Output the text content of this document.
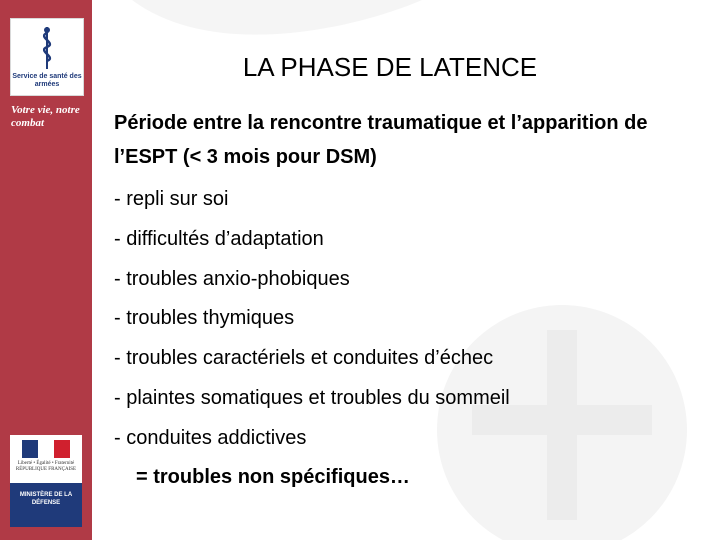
Service de santé des armées
Votre vie, notre combat
Liberté • Égalité • Fraternité RÉPUBLIQUE FRANÇAISE
MINISTÈRE DE LA DÉFENSE
LA PHASE DE LATENCE

Période entre la rencontre traumatique et l’apparition de l’ESPT (< 3 mois pour DSM)

- repli sur soi

- difficultés d’adaptation

- troubles anxio-phobiques

- troubles thymiques

- troubles caractériels et conduites d’échec

- plaintes somatiques et troubles du sommeil

- conduites addictives

= troubles non spécifiques…
